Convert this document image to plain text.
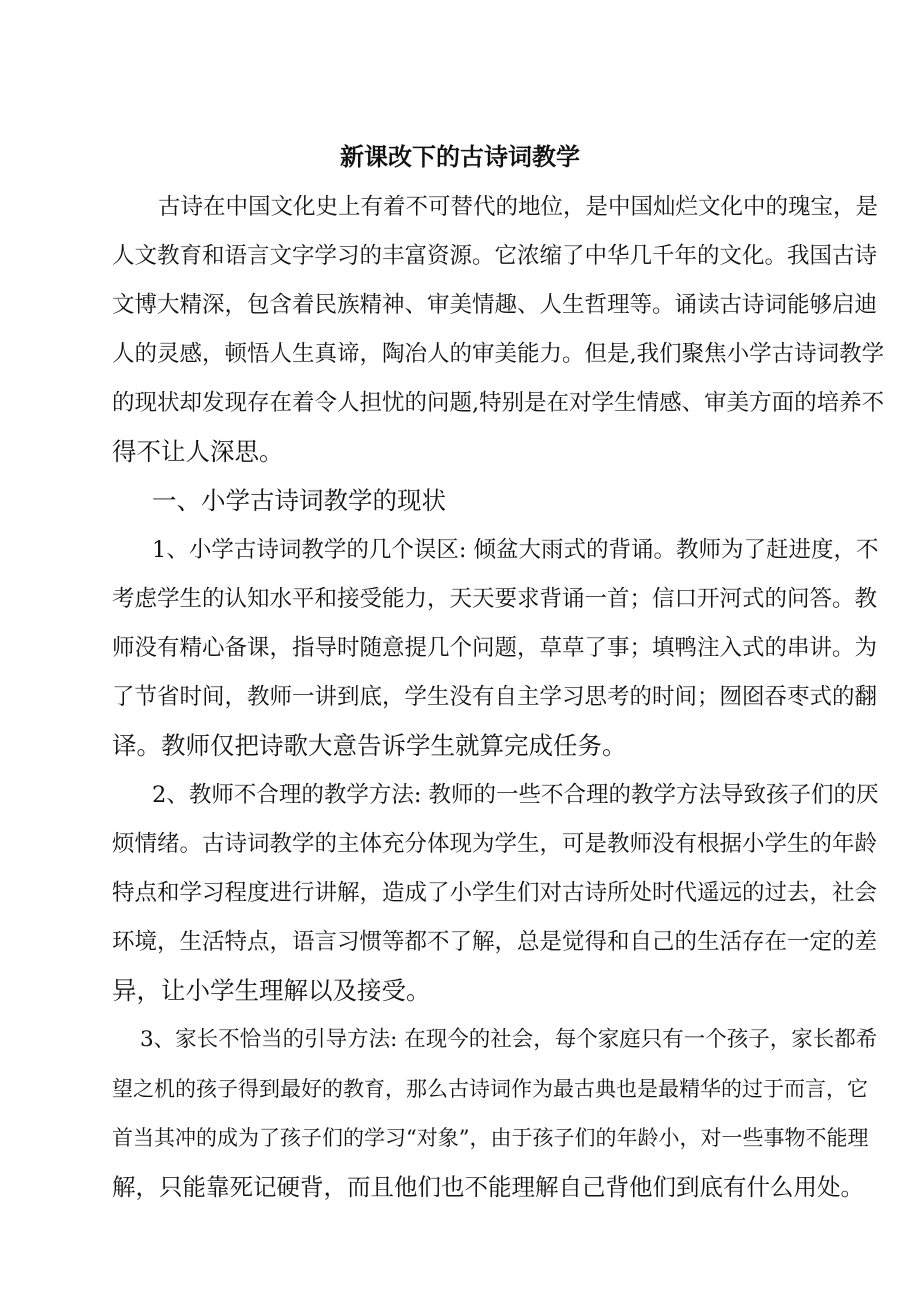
新课改下的古诗词教学
古诗在中国文化史上有着不可替代的地位，是中国灿烂文化中的瑰宝，是
人文教育和语言文字学习的丰富资源。它浓缩了中华几千年的文化。我国古诗
文博大精深，包含着民族精神、审美情趣、人生哲理等。诵读古诗词能够启迪
人的灵感，顿悟人生真谛，陶冶人的审美能力。但是,我们聚焦小学古诗词教学
的现状却发现存在着令人担忧的问题,特别是在对学生情感、审美方面的培养不
得不让人深思。
一、小学古诗词教学的现状
1、小学古诗词教学的几个误区: 倾盆大雨式的背诵。教师为了赶进度，不
考虑学生的认知水平和接受能力，天天要求背诵一首；信口开河式的问答。教
师没有精心备课，指导时随意提几个问题，草草了事；填鸭注入式的串讲。为
了节省时间，教师一讲到底，学生没有自主学习思考的时间；囫囵吞枣式的翻
译。教师仅把诗歌大意告诉学生就算完成任务。
2、教师不合理的教学方法: 教师的一些不合理的教学方法导致孩子们的厌
烦情绪。古诗词教学的主体充分体现为学生，可是教师没有根据小学生的年龄
特点和学习程度进行讲解，造成了小学生们对古诗所处时代遥远的过去，社会
环境，生活特点，语言习惯等都不了解，总是觉得和自己的生活存在一定的差
异，让小学生理解以及接受。
3、家长不恰当的引导方法: 在现今的社会，每个家庭只有一个孩子，家长都希
望之机的孩子得到最好的教育，那么古诗词作为最古典也是最精华的过于而言，它
首当其冲的成为了孩子们的学习“对象”，由于孩子们的年龄小，对一些事物不能理
解，只能靠死记硬背，而且他们也不能理解自己背他们到底有什么用处。
